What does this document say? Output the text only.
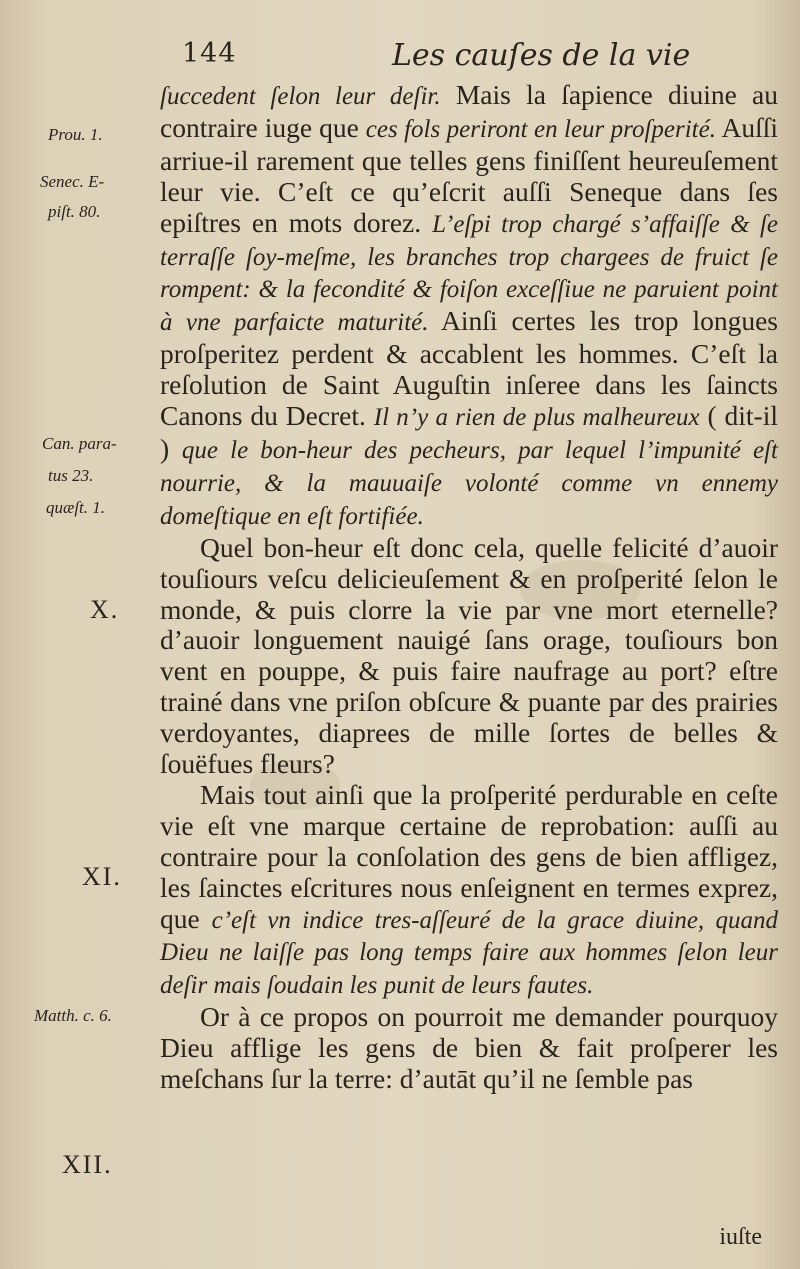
144	Les cauſes de la vie
Prou. 1.
Senec. E-
piſt. 80.
Can. para-
tus 23.
quæſt. 1.
X.
XI.
Matth. c. 6.
XII.

ſuccedent ſelon leur deſir. Mais la ſapience diuine au contraire iuge que ces fols periront en leur proſperité. Auſſi arriue-il rarement que telles gens finiſſent heureuſement leur vie. C’eſt ce qu’eſcrit auſſi Seneque dans ſes epiſtres en mots dorez. L’eſpi trop chargé s’affaiſſe & ſe terraſſe ſoy-meſme, les branches trop chargees de fruict ſe rompent: & la fecondité & foiſon exceſſiue ne paruient point à vne parfaicte maturité. Ainſi certes les trop longues proſperitez perdent & accablent les hommes. C’eſt la reſolution de Saint Auguſtin inſeree dans les ſaincts Canons du Decret. Il n’y a rien de plus malheureux ( dit-il ) que le bon-heur des pecheurs, par lequel l’impunité eſt nourrie, & la mauuaiſe volonté comme vn ennemy domeſtique en eſt fortifiée.

Quel bon-heur eſt donc cela, quelle felicité d’auoir touſiours veſcu delicieuſement & en proſperité ſelon le monde, & puis clorre la vie par vne mort eternelle? d’auoir longuement nauigé ſans orage, touſiours bon vent en pouppe, & puis faire naufrage au port? eſtre trainé dans vne priſon obſcure & puante par des prairies verdoyantes, diaprees de mille ſortes de belles & ſouëfues fleurs?

Mais tout ainſi que la proſperité perdurable en ceſte vie eſt vne marque certaine de reprobation: auſſi au contraire pour la conſolation des gens de bien affligez, les ſainctes eſcritures nous enſeignent en termes exprez, que c’eſt vn indice tres-aſſeuré de la grace diuine, quand Dieu ne laiſſe pas long temps faire aux hommes ſelon leur deſir mais ſoudain les punit de leurs fautes.

Or à ce propos on pourroit me demander pourquoy Dieu afflige les gens de bien & fait proſperer les meſchans ſur la terre: d’autāt qu’il ne ſemble pas

iuſte
